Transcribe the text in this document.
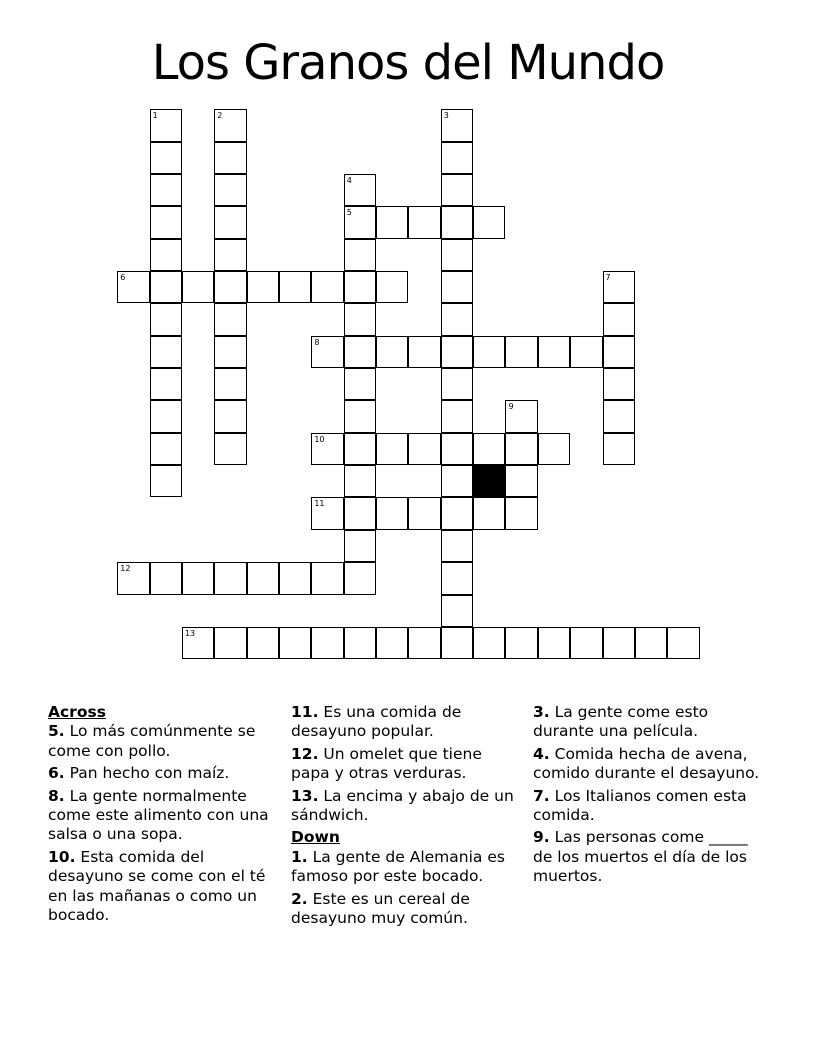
Los Granos del Mundo
1	2	3
4
5
6	7
8
9
10
11
12
13
Across
5. Lo más comúnmente se come con pollo.
6. Pan hecho con maíz.
8. La gente normalmente come este alimento con una salsa o una sopa.
10. Esta comida del desayuno se come con el té en las mañanas o como un bocado.
11. Es una comida de desayuno popular.
12. Un omelet que tiene papa y otras verduras.
13. La encima y abajo de un sándwich.
Down
1. La gente de Alemania es famoso por este bocado.
2. Este es un cereal de desayuno muy común.
3. La gente come esto durante una película.
4. Comida hecha de avena, comido durante el desayuno.
7. Los Italianos comen esta comida.
9. Las personas come _____ de los muertos el día de los muertos.
